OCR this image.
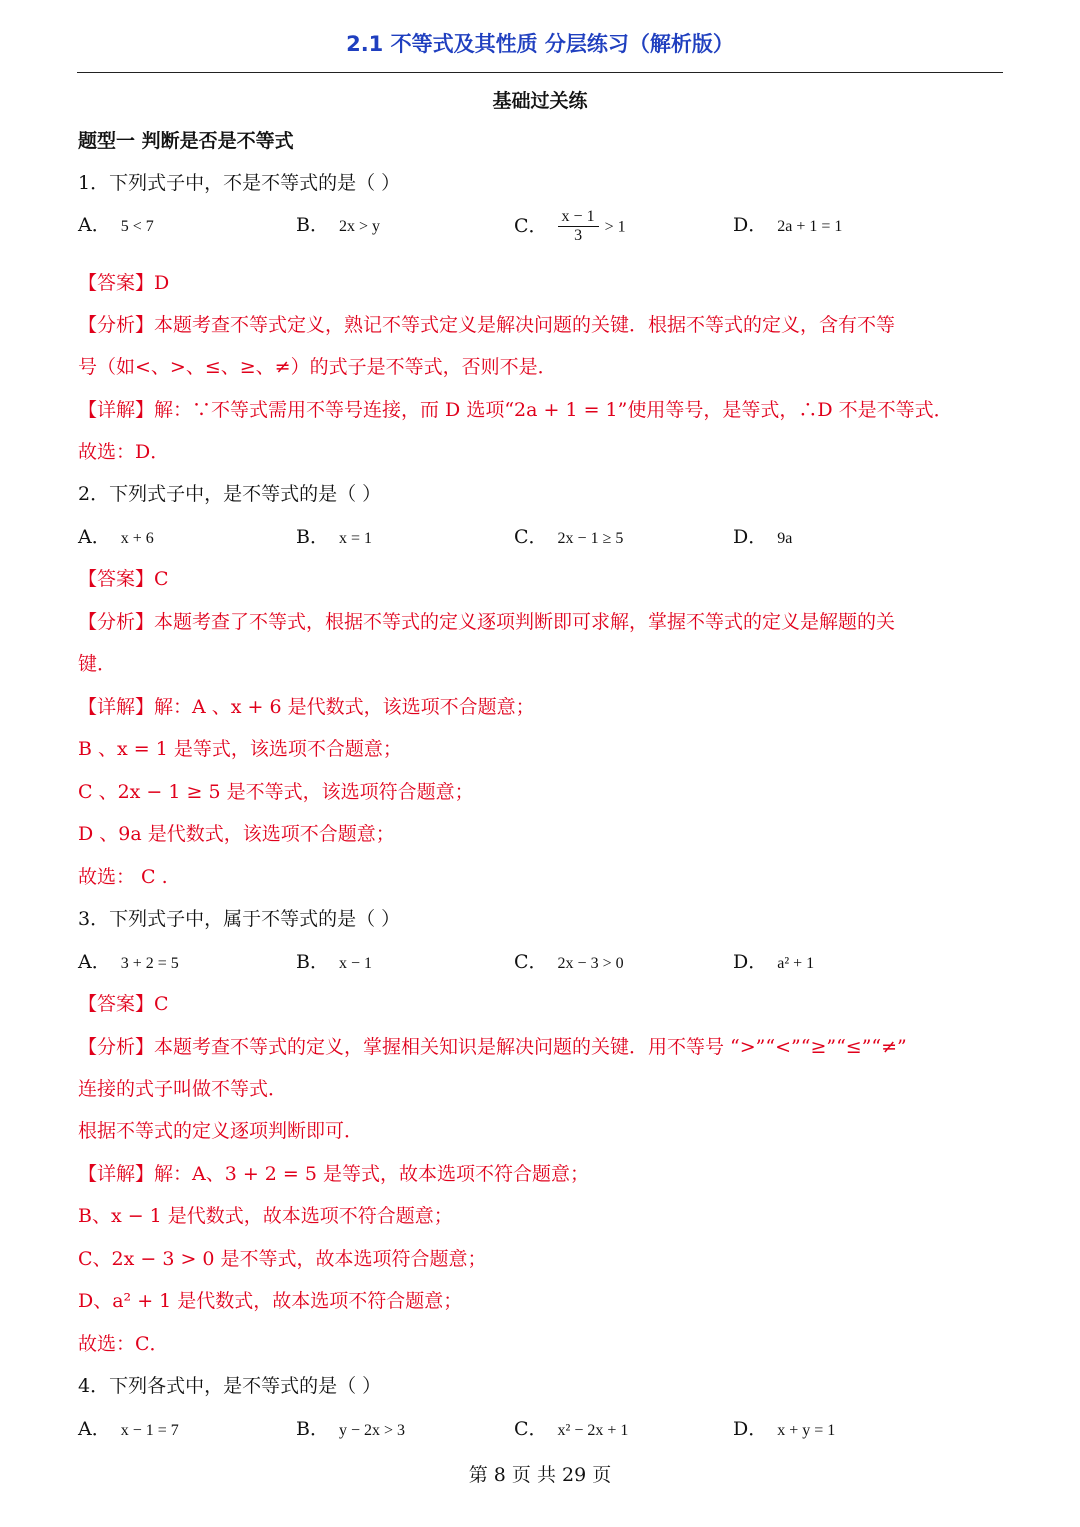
2.1 不等式及其性质 分层练习（解析版）
基础过关练
题型一 判断是否是不等式
1．下列式子中，不是不等式的是（ ）
A． 5 < 7	B． 2x > y	C． $\frac{x - 1}{3} > 1$	D． 2a + 1 = 1
【答案】D
【分析】本题考查不等式定义，熟记不等式定义是解决问题的关键．根据不等式的定义，含有不等
号（如<、>、≤、≥、≠）的式子是不等式，否则不是．
【详解】解：∵不等式需用不等号连接，而 D 选项“2a + 1 = 1”使用等号，是等式，∴D 不是不等式．
故选：D．
2．下列式子中，是不等式的是（ ）
A． x + 6	B． x = 1	C． 2x − 1 ≥ 5	D． 9a
【答案】C
【分析】本题考查了不等式，根据不等式的定义逐项判断即可求解，掌握不等式的定义是解题的关
键．
【详解】解：A 、x + 6 是代数式，该选项不合题意；
B 、x = 1 是等式，该选项不合题意；
C 、2x − 1 ≥ 5 是不等式，该选项符合题意；
D 、9a 是代数式，该选项不合题意；
故选： C .
3．下列式子中，属于不等式的是（ ）
A． 3 + 2 = 5	B． x − 1	C． 2x − 3 > 0	D． a² + 1
【答案】C
【分析】本题考查不等式的定义，掌握相关知识是解决问题的关键．用不等号 “>”“<”“≥”“≤”“≠”
连接的式子叫做不等式．
根据不等式的定义逐项判断即可．
【详解】解：A、3 + 2 = 5 是等式，故本选项不符合题意；
B、x − 1 是代数式，故本选项不符合题意；
C、2x − 3 > 0 是不等式，故本选项符合题意；
D、a² + 1 是代数式，故本选项不符合题意；
故选：C．
4．下列各式中，是不等式的是（ ）
A． x − 1 = 7	B． y − 2x > 3	C． x² − 2x + 1	D． x + y = 1
第 8 页 共 29 页
